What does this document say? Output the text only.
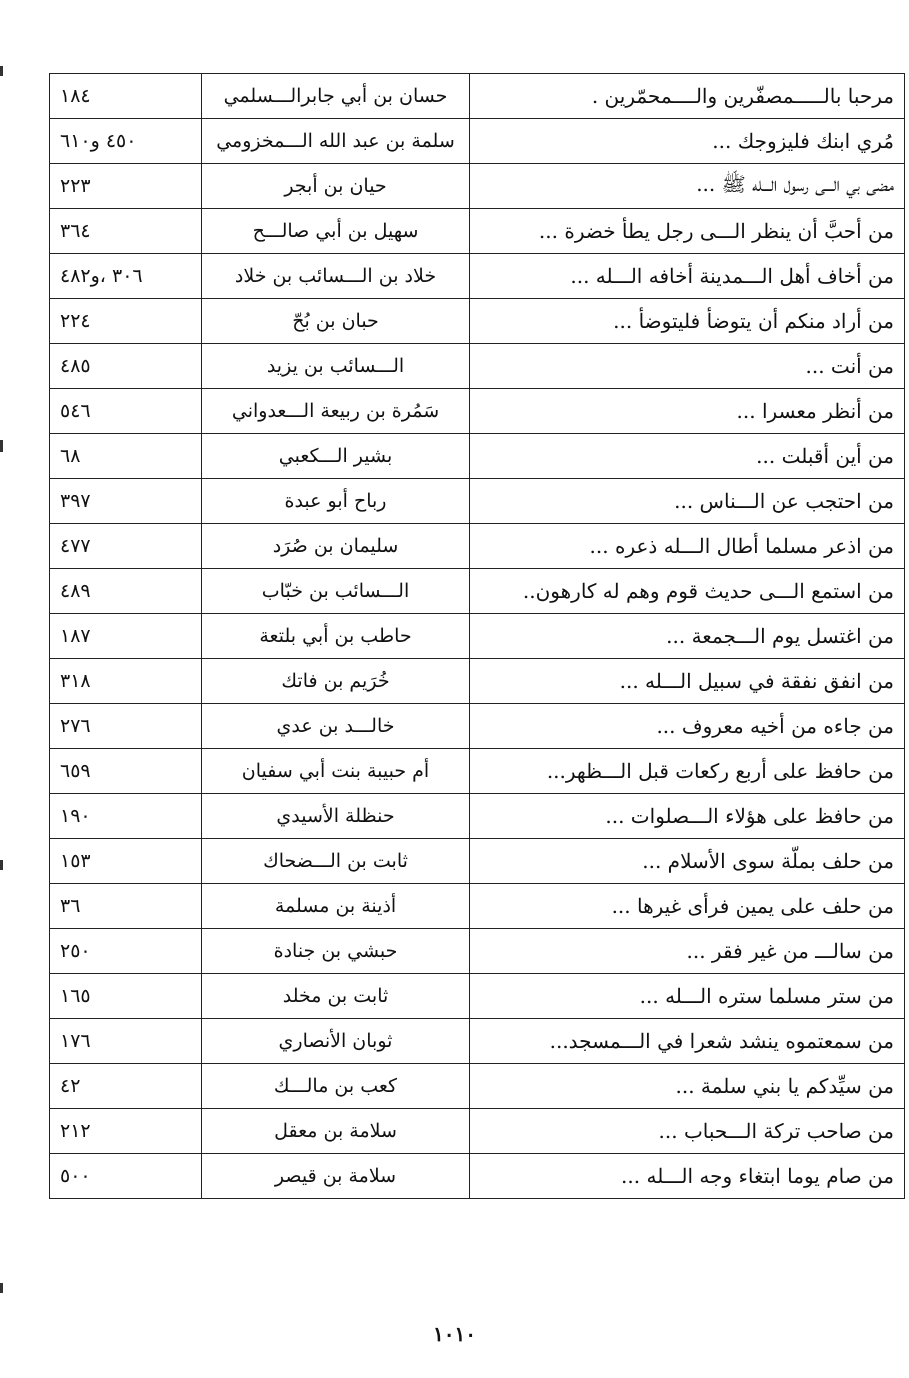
١٨٤	حسان بن أبي جابرالـــسلمي	مرحبا بالـــــمصفّرين والــــمحمّرين .
٤٥٠ و٦١٠	سلمة بن عبد الله الـــمخزومي	مُري ابنك فليزوجك ...
٢٢٣	حيان بن أبجر	مضى بي الـــى رسول الـــله ﷺ ...
٣٦٤	سهيل بن أبي صالـــح	من أحبَّ أن ينظر الـــى رجل يطأ خضرة ...
٣٠٦ ،و٤٨٢	خلاد بن الـــسائب بن خلاد	من أخاف أهل الـــمدينة أخافه الـــله ...
٢٢٤	حبان بن بُحّ	من أراد منكم أن يتوضأ فليتوضأ ...
٤٨٥	الـــسائب بن يزيد	من أنت ...
٥٤٦	سَمُرة بن ربيعة الـــعدواني	من أنظر معسرا ...
٦٨	بشير الـــكعبي	من أين أقبلت ...
٣٩٧	رباح أبو عبدة	من احتجب عن الـــناس ...
٤٧٧	سليمان بن صُرَد	من اذعر مسلما أطال الـــله ذعره ...
٤٨٩	الـــسائب بن خبّاب	من استمع الـــى حديث قوم وهم له كارهون..
١٨٧	حاطب بن أبي بلتعة	من اغتسل يوم الـــجمعة ...
٣١٨	خُرَيم بن فاتك	من انفق نفقة في سبيل الـــله ...
٢٧٦	خالـــد بن عدي	من جاءه من أخيه معروف ...
٦٥٩	أم حبيبة بنت أبي سفيان	من حافظ على أربع ركعات قبل الـــظهر...
١٩٠	حنظلة الأسيدي	من حافظ على هؤلاء الـــصلوات ...
١٥٣	ثابت بن الـــضحاك	من حلف بملّة سوى الأسلام ...
٣٦	أذينة بن مسلمة	من حلف على يمين فرأى غيرها ...
٢٥٠	حبشي بن جنادة	من سالـــ من غير فقر ...
١٦٥	ثابت بن مخلد	من ستر مسلما ستره الـــله ...
١٧٦	ثوبان الأنصاري	من سمعتموه ينشد شعرا في الـــمسجد...
٤٢	كعب بن مالـــك	من سيِّدكم يا بني سلمة ...
٢١٢	سلامة بن معقل	من صاحب تركة الـــحباب ...
٥٠٠	سلامة بن قيصر	من صام يوما ابتغاء وجه الـــله ...
١٠١٠
